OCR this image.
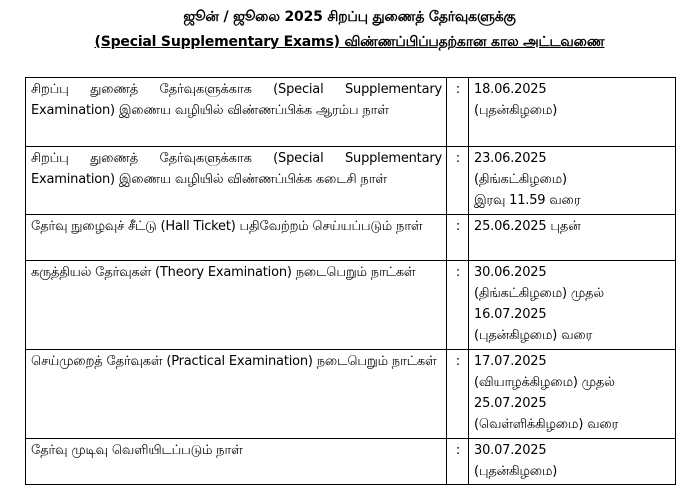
ஜூன் / ஜூலை 2025 சிறப்பு துணைத் தேர்வுகளுக்கு
(Special Supplementary Exams) விண்ணப்பிப்பதற்கான கால அட்டவணை
சிறப்பு துணைத் தேர்வுகளுக்காக (Special Supplementary Examination) இணைய வழியில் விண்ணப்பிக்க ஆரம்ப நாள்	:	18.06.2025
(புதன்கிழமை)

சிறப்பு துணைத் தேர்வுகளுக்காக (Special Supplementary Examination) இணைய வழியில் விண்ணப்பிக்க கடைசி நாள்	:	23.06.2025
(திங்கட்கிழமை)
இரவு 11.59 வரை

தேர்வு நுழைவுச் சீட்டு (Hall Ticket) பதிவேற்றம் செய்யப்படும் நாள்	:	25.06.2025 புதன்

கருத்தியல் தேர்வுகள் (Theory Examination) நடைபெறும் நாட்கள்	:	30.06.2025
(திங்கட்கிழமை) முதல்
16.07.2025
(புதன்கிழமை) வரை

செய்முறைத் தேர்வுகள் (Practical Examination) நடைபெறும் நாட்கள்	:	17.07.2025
(வியாழக்கிழமை) முதல்
25.07.2025
(வெள்ளிக்கிழமை) வரை

தேர்வு முடிவு வெளியிடப்படும் நாள்	:	30.07.2025
(புதன்கிழமை)
